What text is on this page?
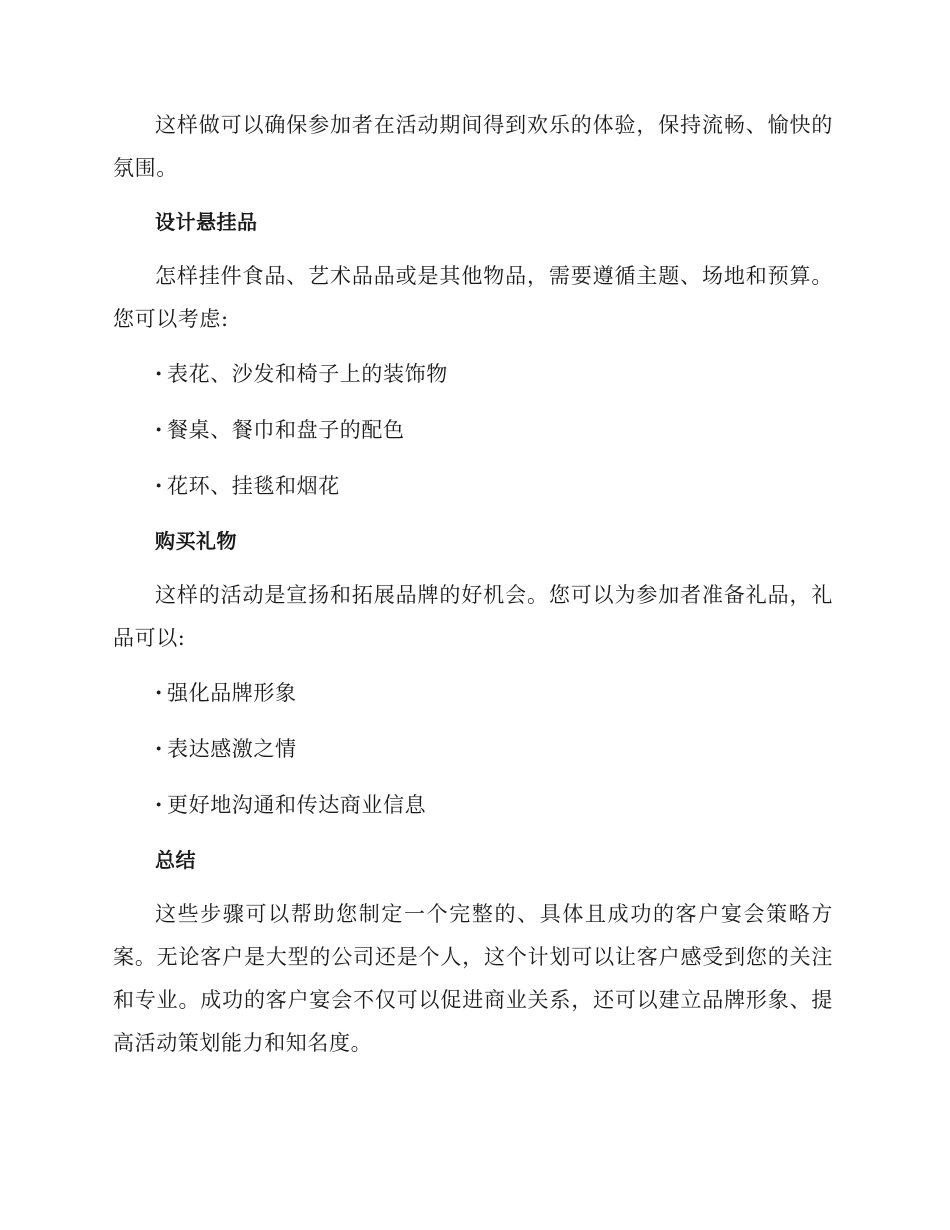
这样做可以确保参加者在活动期间得到欢乐的体验，保持流畅、愉快的氛围。

设计悬挂品

怎样挂件食品、艺术品品或是其他物品，需要遵循主题、场地和预算。您可以考虑:

· 表花、沙发和椅子上的装饰物
· 餐桌、餐巾和盘子的配色
· 花环、挂毯和烟花
购买礼物

这样的活动是宣扬和拓展品牌的好机会。您可以为参加者准备礼品，礼品可以:

· 强化品牌形象
· 表达感激之情
· 更好地沟通和传达商业信息
总结

这些步骤可以帮助您制定一个完整的、具体且成功的客户宴会策略方案。无论客户是大型的公司还是个人，这个计划可以让客户感受到您的关注和专业。成功的客户宴会不仅可以促进商业关系，还可以建立品牌形象、提高活动策划能力和知名度。
